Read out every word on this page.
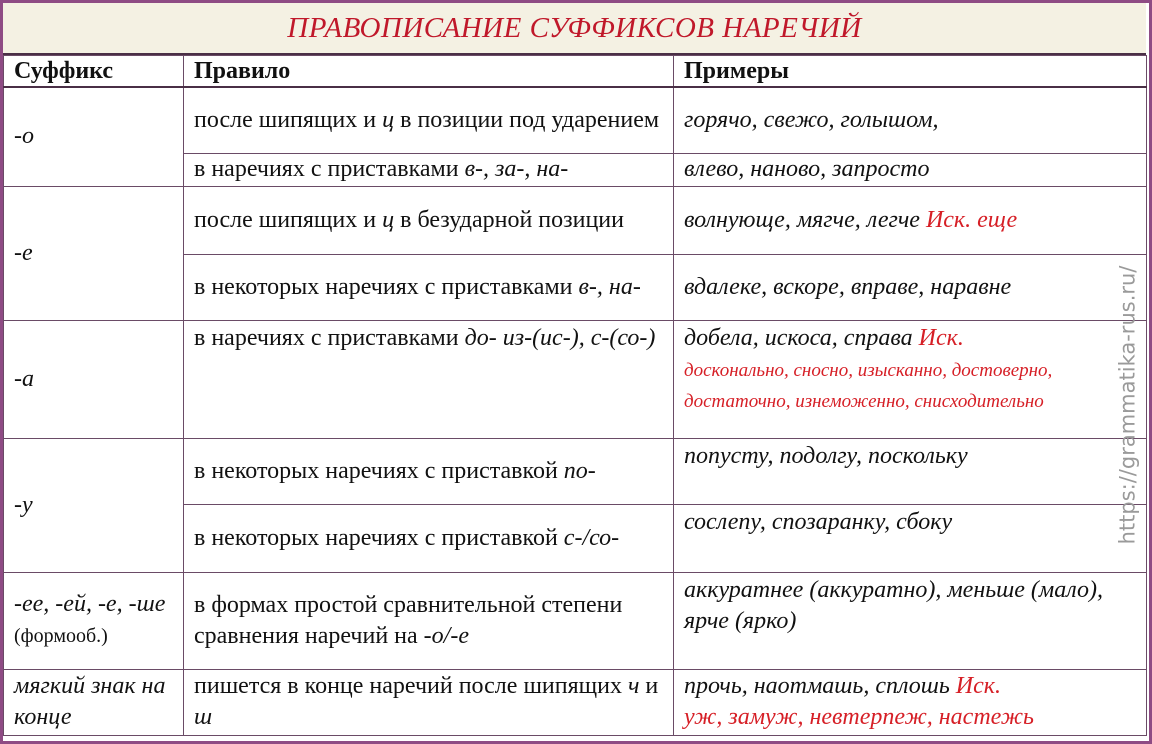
ПРАВОПИСАНИЕ СУФФИКСОВ НАРЕЧИЙ
Суффикс	Правило	Примеры
-о	после шипящих и ц в позиции под ударением	горячо, свежо, голышом,
	в наречиях с приставками в-, за-, на-	влево, наново, запросто
-е	после шипящих и ц в безударной позиции	волнующе, мягче, легче Иск. еще
	в некоторых наречиях с приставками в-, на-	вдалеке, вскоре, вправе, наравне
-а	в наречиях с приставками до- из-(ис-), с-(со-)	добела, искоса, справа Иск.
досконально, сносно, изысканно, достоверно, достаточно, изнеможенно, снисходительно
-у	в некоторых наречиях с приставкой по-	попусту, подолгу, поскольку
	в некоторых наречиях с приставкой с-/со-	сослепу, спозаранку, сбоку
-ее, -ей, -е, -ше
(формооб.)	в формах простой сравнительной степени сравнения наречий на -о/-е	аккуратнее (аккуратно), меньше (мало), ярче (ярко)
мягкий знак на конце	пишется в конце наречий после шипящих ч и ш	прочь, наотмашь, сплошь Иск.
уж, замуж, невтерпеж, настежь
https://grammatika-rus.ru/
